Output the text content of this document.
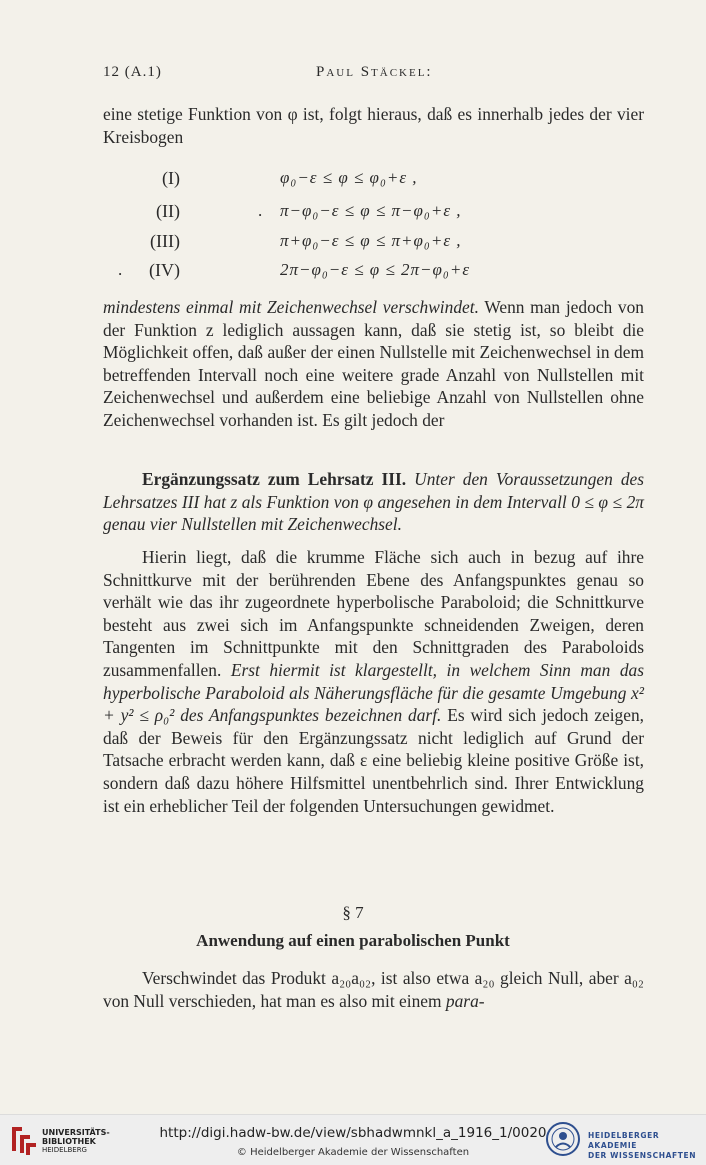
12 (A.1)	Paul Stäckel:
eine stetige Funktion von φ ist, folgt hieraus, daß es innerhalb jedes der vier Kreisbogen
(I)	φ₀−ε ≤ φ ≤ φ₀+ε ,
.
(II)	π−φ₀−ε ≤ φ ≤ π−φ₀+ε ,
(III)	π+φ₀−ε ≤ φ ≤ π+φ₀+ε ,
. (IV)	2π−φ₀−ε ≤ φ ≤ 2π−φ₀+ε
mindestens einmal mit Zeichenwechsel verschwindet. Wenn man jedoch von der Funktion z lediglich aussagen kann, daß sie stetig ist, so bleibt die Möglichkeit offen, daß außer der einen Nullstelle mit Zeichenwechsel in dem betreffenden Intervall noch eine weitere grade Anzahl von Nullstellen mit Zeichenwechsel und außerdem eine beliebige Anzahl von Nullstellen ohne Zeichenwechsel vorhanden ist. Es gilt jedoch der
Ergänzungssatz zum Lehrsatz III. Unter den Voraussetzungen des Lehrsatzes III hat z als Funktion von φ angesehen in dem Intervall 0 ≤ φ ≤ 2π genau vier Nullstellen mit Zeichenwechsel.
Hierin liegt, daß die krumme Fläche sich auch in bezug auf ihre Schnittkurve mit der berührenden Ebene des Anfangspunktes genau so verhält wie das ihr zugeordnete hyperbolische Paraboloid; die Schnittkurve besteht aus zwei sich im Anfangspunkte schneidenden Zweigen, deren Tangenten im Schnittpunkte mit den Schnittgraden des Paraboloids zusammenfallen. Erst hiermit ist klargestellt, in welchem Sinn man das hyperbolische Paraboloid als Näherungsfläche für die gesamte Umgebung x² + y² ≤ ρ₀² des Anfangspunktes bezeichnen darf. Es wird sich jedoch zeigen, daß der Beweis für den Ergänzungssatz nicht lediglich auf Grund der Tatsache erbracht werden kann, daß ε eine beliebig kleine positive Größe ist, sondern daß dazu höhere Hilfsmittel unentbehrlich sind. Ihrer Entwicklung ist ein erheblicher Teil der folgenden Untersuchungen gewidmet.
§ 7
Anwendung auf einen parabolischen Punkt
Verschwindet das Produkt a₂₀a₀₂, ist also etwa a₂₀ gleich Null, aber a₀₂ von Null verschieden, hat man es also mit einem para-
UNIVERSITÄTS-
BIBLIOTHEK
HEIDELBERG
http://digi.hadw-bw.de/view/sbhadwmnkl_a_1916_1/0020
© Heidelberger Akademie der Wissenschaften
HEIDELBERGER AKADEMIE
DER WISSENSCHAFTEN
